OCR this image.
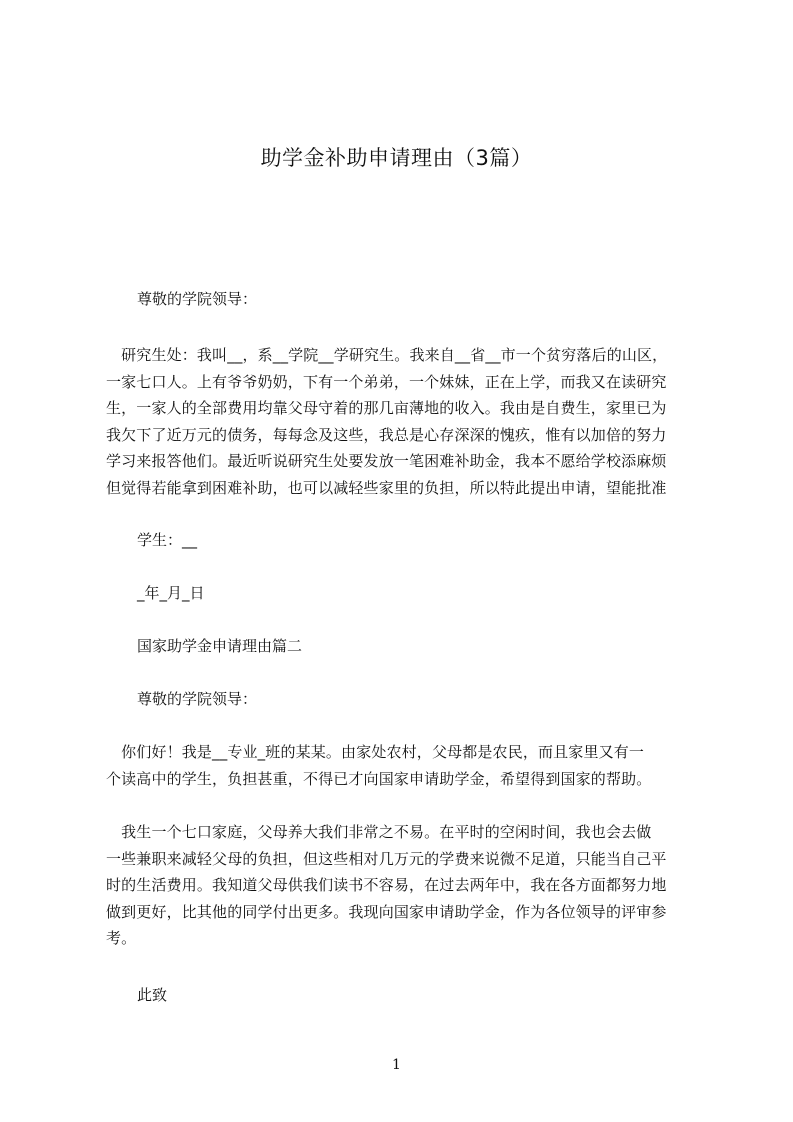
助学金补助申请理由（3篇）
尊敬的学院领导：
　研究生处：我叫__，系__学院__学研究生。我来自__省__市一个贫穷落后的山区，
一家七口人。上有爷爷奶奶，下有一个弟弟，一个妹妹，正在上学，而我又在读研究
生，一家人的全部费用均靠父母守着的那几亩薄地的收入。我由是自费生，家里已为
我欠下了近万元的债务，每每念及这些，我总是心存深深的愧疚，惟有以加倍的努力
学习来报答他们。最近听说研究生处要发放一笔困难补助金，我本不愿给学校添麻烦
但觉得若能拿到困难补助，也可以减轻些家里的负担，所以特此提出申请，望能批准
学生：__
_年_月_日
国家助学金申请理由篇二
尊敬的学院领导：
　你们好！我是__专业_班的某某。由家处农村，父母都是农民，而且家里又有一
个读高中的学生，负担甚重，不得已才向国家申请助学金，希望得到国家的帮助。
　我生一个七口家庭，父母养大我们非常之不易。在平时的空闲时间，我也会去做
一些兼职来减轻父母的负担，但这些相对几万元的学费来说微不足道，只能当自己平
时的生活费用。我知道父母供我们读书不容易，在过去两年中，我在各方面都努力地
做到更好，比其他的同学付出更多。我现向国家申请助学金，作为各位领导的评审参
考。
此致
1
